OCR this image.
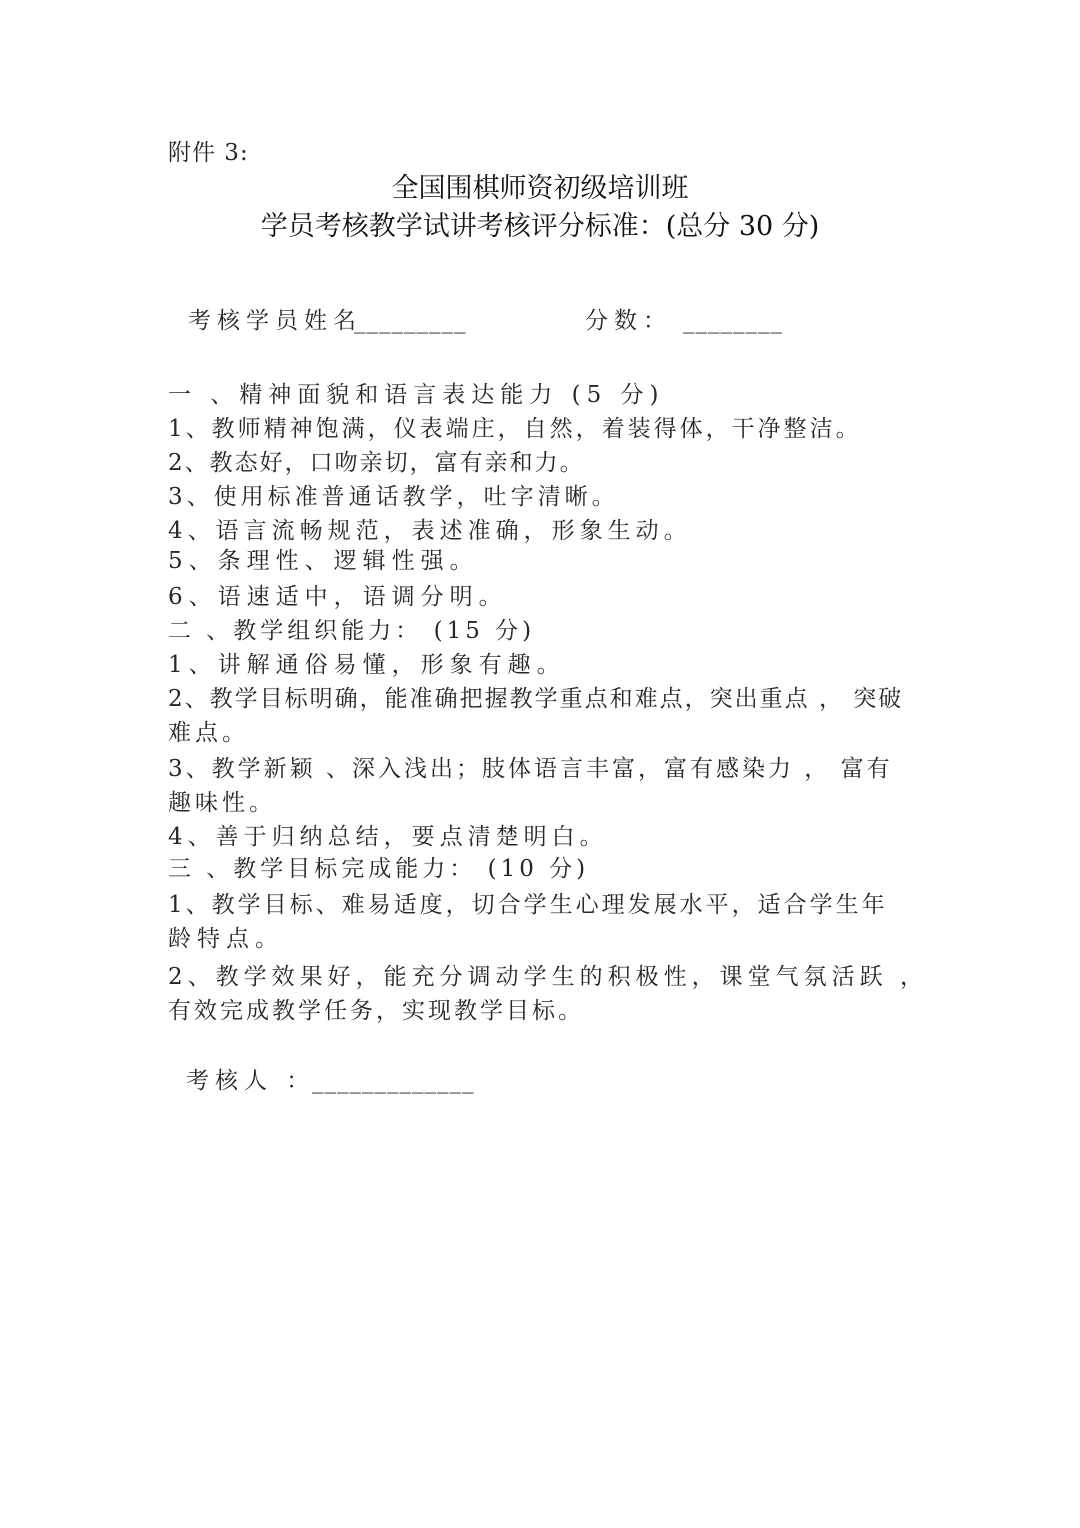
附件 3:
全国围棋师资初级培训班
学员考核教学试讲考核评分标准：(总分 30 分)
考核学员姓名
_________	分数： ________
一 、精神面貌和语言表达能力 (5 分)
1、教师精神饱满，仪表端庄，自然，着装得体，干净整洁。
2、教态好，口吻亲切，富有亲和力。
3、使用标准普通话教学，吐字清晰。
4、语言流畅规范，表述准确，形象生动。
5、条理性、逻辑性强。
6、语速适中，语调分明。
二 、教学组织能力： (15 分)
1、讲解通俗易懂，形象有趣。
2、教学目标明确，能准确把握教学重点和难点，突出重点 ， 突破
难点。
3、教学新颖 、深入浅出；肢体语言丰富，富有感染力 ， 富有
趣味性。
4、善于归纳总结，要点清楚明白。
三 、教学目标完成能力： (10 分)
1、教学目标、难易适度，切合学生心理发展水平，适合学生年
龄特点。
2、教学效果好，能充分调动学生的积极性，课堂气氛活跃 ，
有效完成教学任务，实现教学目标。
考核人 ：
_____________
